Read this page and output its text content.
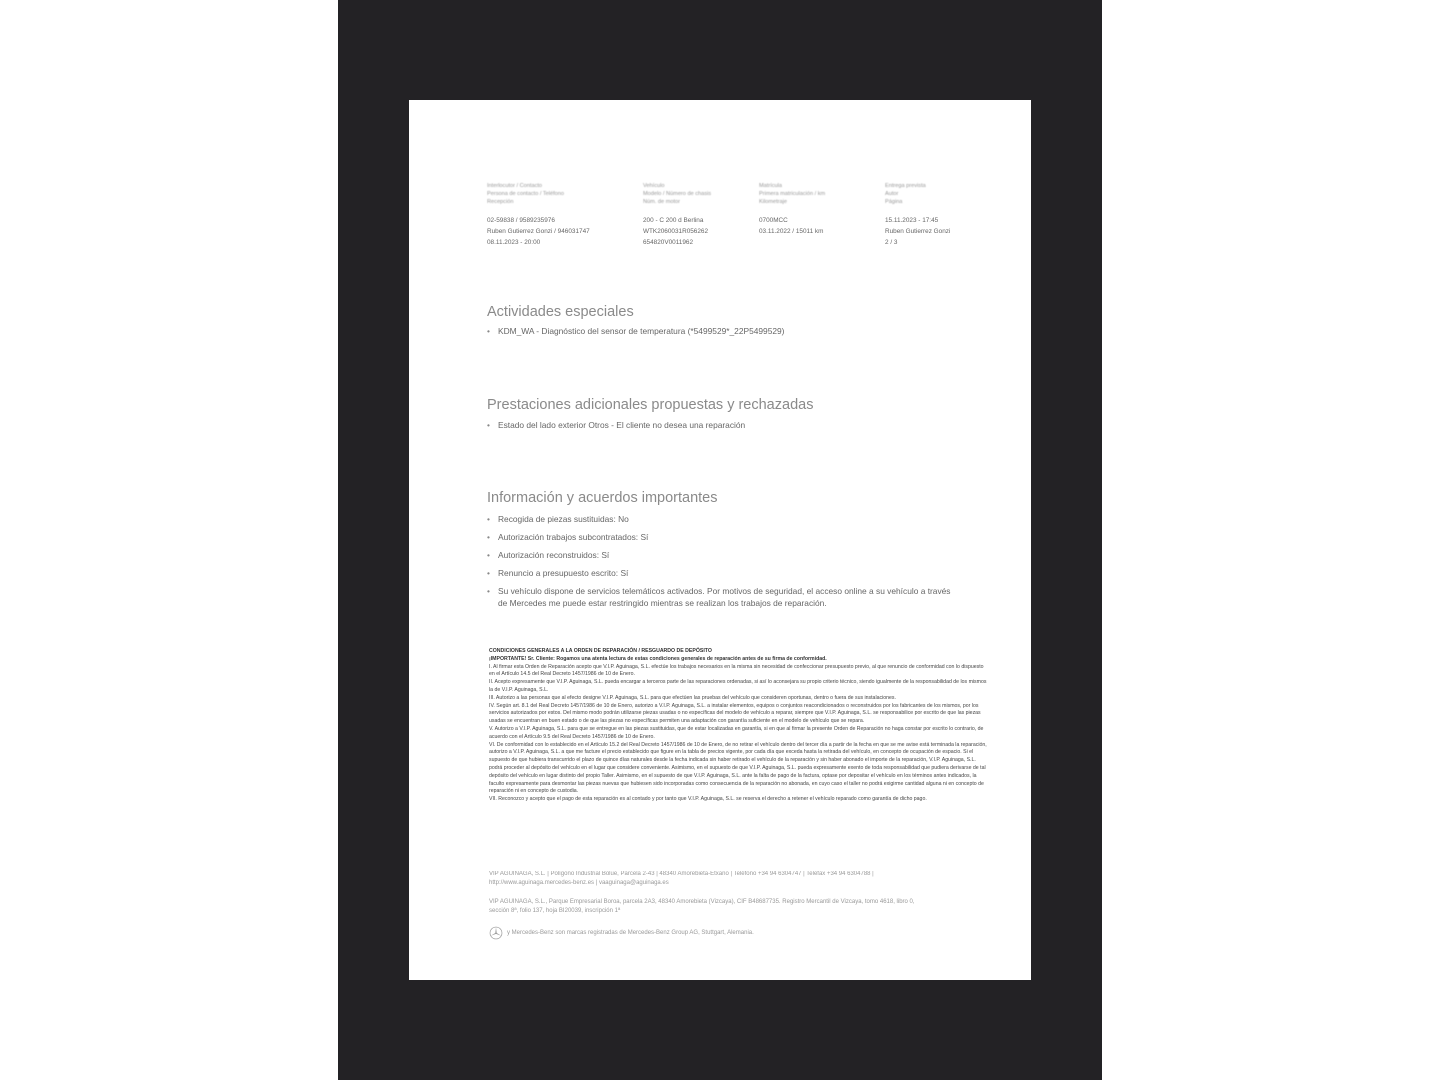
Interlocutor / Contacto
Persona de contacto / Teléfono
Recepción
02-59838 / 9589235976
Ruben Gutierrez Gonzi / 946031747
08.11.2023 - 20:00
Vehículo
Modelo / Número de chasis
Núm. de motor
200 - C 200 d Berlina
WTK2060031R056262
654820V0011962
Matrícula
Primera matriculación / km
Kilometraje
0700MCC
03.11.2022 / 15011 km
Entrega prevista
Autor
Página
15.11.2023 - 17:45
Ruben Gutierrez Gonzi
2 / 3
Actividades especiales
• KDM_WA - Diagnóstico del sensor de temperatura (*5499529*_22P5499529)
Prestaciones adicionales propuestas y rechazadas
• Estado del lado exterior Otros - El cliente no desea una reparación
Información y acuerdos importantes
• Recogida de piezas sustituidas: No
• Autorización trabajos subcontratados: Sí
• Autorización reconstruidos: Sí
• Renuncio a presupuesto escrito: Sí
• Su vehículo dispone de servicios telemáticos activados. Por motivos de seguridad, el acceso online a su vehículo a través de Mercedes me puede estar restringido mientras se realizan los trabajos de reparación.
CONDICIONES GENERALES A LA ORDEN DE REPARACIÓN / RESGUARDO DE DEPÓSITO
¡IMPORTANTE! Sr. Cliente: Rogamos una atenta lectura de estas condiciones generales de reparación antes de su firma de conformidad.
I. Al firmar esta Orden de Reparación acepto que V.I.P. Aguinaga, S.L. efectúe los trabajos necesarios en la misma sin necesidad de confeccionar presupuesto previo, al que renuncio de conformidad con lo dispuesto en el Artículo 14.5 del Real Decreto 1457/1986 de 10 de Enero.
II. Acepto expresamente que V.I.P. Aguinaga, S.L. pueda encargar a terceros parte de las reparaciones ordenadas, si así lo aconsejara su propio criterio técnico, siendo igualmente de la responsabilidad de los mismos la de V.I.P. Aguinaga, S.L.
III. Autorizo a las personas que al efecto designe V.I.P. Aguinaga, S.L. para que efectúen las pruebas del vehículo que consideren oportunas, dentro o fuera de sus instalaciones.
IV. Según art. 8.1 del Real Decreto 1457/1986 de 10 de Enero, autorizo a V.I.P. Aguinaga, S.L. a instalar elementos, equipos o conjuntos reacondicionados o reconstruidos por los fabricantes de los mismos, por los servicios autorizados por estos. Del mismo modo podrán utilizarse piezas usadas o no específicas del modelo de vehículo a reparar, siempre que V.I.P. Aguinaga, S.L. se responsabilice por escrito de que las piezas usadas se encuentran en buen estado o de que las piezas no específicas permiten una adaptación con garantía suficiente en el modelo de vehículo que se repara.
V. Autorizo a V.I.P. Aguinaga, S.L. para que se entregue en las piezas sustituidas, que de estar localizadas en garantía, si en que al firmar la presente Orden de Reparación no haga constar por escrito lo contrario, de acuerdo con el Artículo 9.5 del Real Decreto 1457/1986 de 10 de Enero.
VI. De conformidad con lo establecido en el Artículo 15.2 del Real Decreto 1457/1986 de 10 de Enero, de no retirar el vehículo dentro del tercer día a partir de la fecha en que se me avise está terminada la reparación, autorizo a V.I.P. Aguinaga, S.L. a que me facture el precio establecido que figure en la tabla de precios vigente, por cada día que exceda hasta la retirada del vehículo, en concepto de ocupación de espacio. Si el supuesto de que hubiera transcurrido el plazo de quince días naturales desde la fecha indicada sin haber retirado el vehículo de la reparación y sin haber abonado el importe de la reparación, V.I.P. Aguinaga, S.L. podrá proceder al depósito del vehículo en el lugar que considere conveniente. Asimismo, en el supuesto de que V.I.P. Aguinaga, S.L. pueda expresamente exento de toda responsabilidad que pudiera derivarse de tal depósito del vehículo en lugar distinto del propio Taller. Asimismo, en el supuesto de que V.I.P. Aguinaga, S.L. ante la falta de pago de la factura, optase por depositar el vehículo en los términos antes indicados, la faculto expresamente para desmontar las piezas nuevas que hubiesen sido incorporadas como consecuencia de la reparación no abonada, en cuyo caso el taller no podrá exigirme cantidad alguna ni en concepto de reparación ni en concepto de custodia.
VII. Reconozco y acepto que el pago de esta reparación es al contado y por tanto que V.I.P. Aguinaga, S.L. se reserva el derecho a retener el vehículo reparado como garantía de dicho pago.
VIP AGUINAGA, S.L. | Polígono Industrial Bolue, Parcela 2-43 | 48340 Amorebieta-Etxano | Teléfono +34 94 6304747 | Telefax +34 94 6304788 |
http://www.aguinaga.mercedes-benz.es | vaaguinaga@aguinaga.es
VIP AGUINAGA, S.L., Parque Empresarial Boroa, parcela 2A3, 48340 Amorebieta (Vizcaya), CIF B48687735. Registro Mercantil de Vizcaya, tomo 4618, libro 0,
sección 8ª, folio 137, hoja BI20039, inscripción 1ª
y Mercedes-Benz son marcas registradas de Mercedes-Benz Group AG, Stuttgart, Alemania.
